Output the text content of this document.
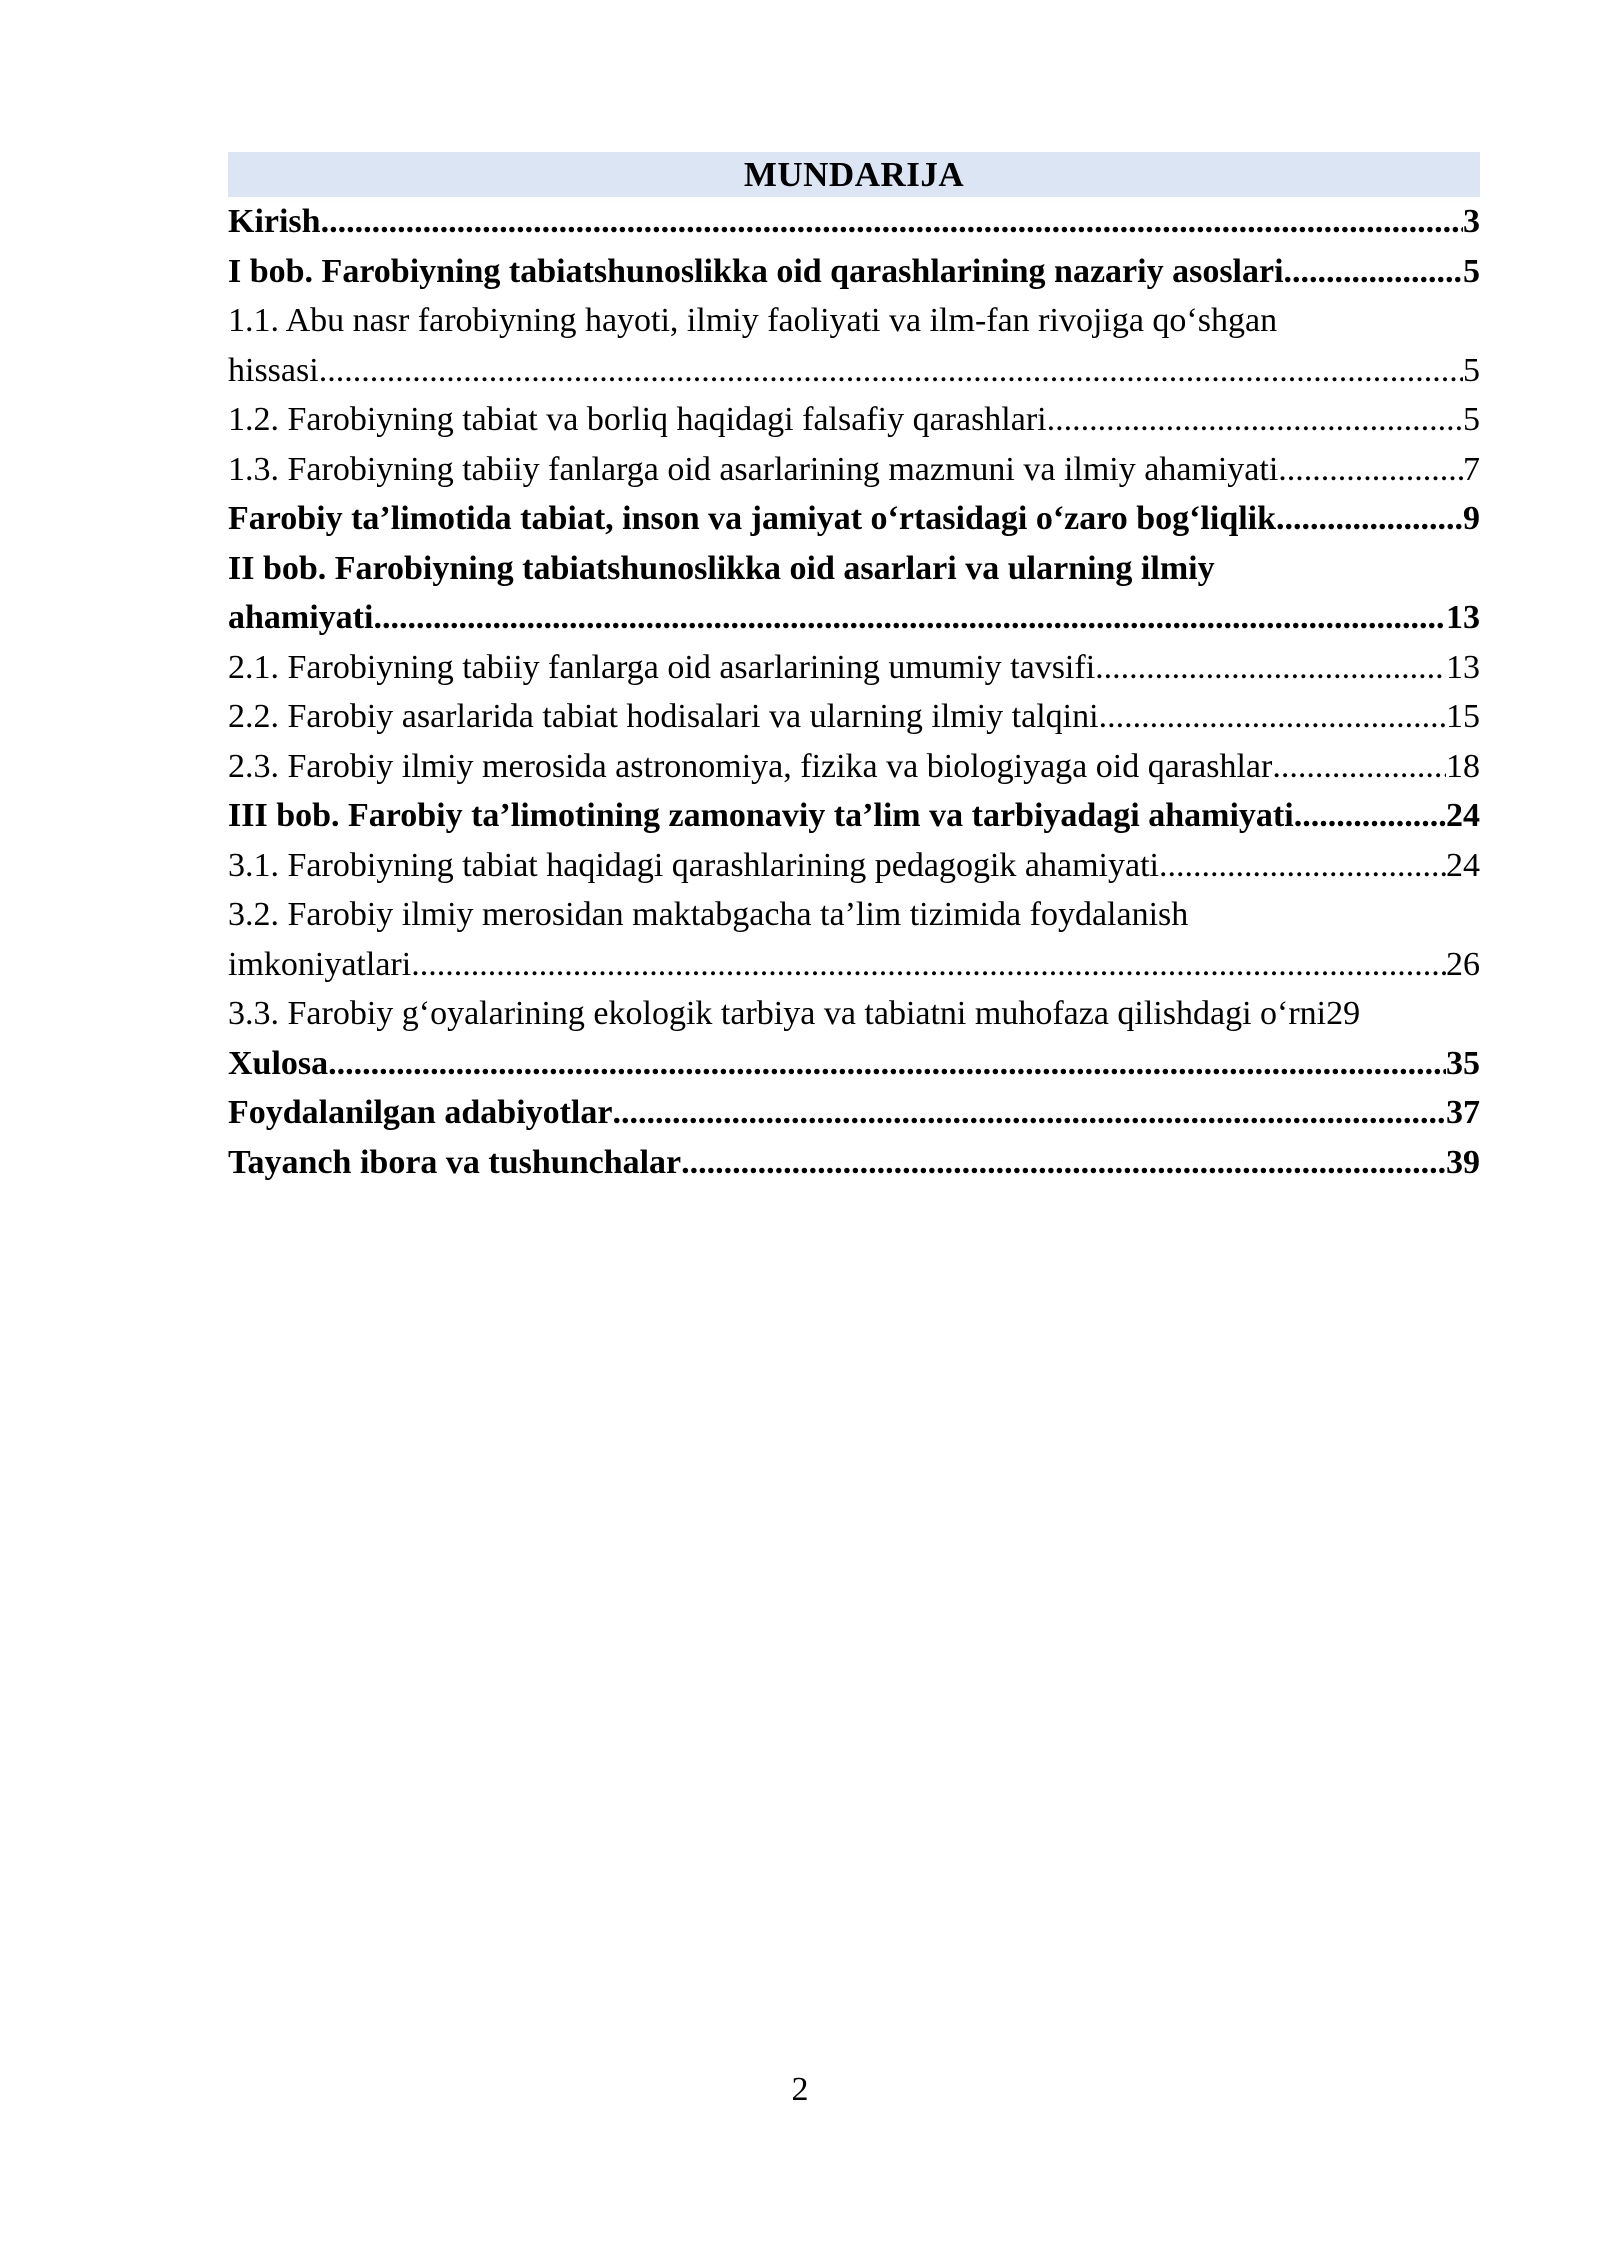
MUNDARIJA
Kirish .....	3
I bob. Farobiyning tabiatshunoslikka oid qarashlarining nazariy asoslari .....	5
1.1. Abu nasr farobiyning hayoti, ilmiy faoliyati va ilm-fan rivojiga qo‘shgan
hissasi .....	5
1.2. Farobiyning tabiat va borliq haqidagi falsafiy qarashlari .....	5
1.3. Farobiyning tabiiy fanlarga oid asarlarining mazmuni va ilmiy ahamiyati .....	7
Farobiy ta’limotida tabiat, inson va jamiyat o‘rtasidagi o‘zaro bog‘liqlik .....	9
II bob. Farobiyning tabiatshunoslikka oid asarlari va ularning ilmiy
ahamiyati .....	13
2.1. Farobiyning tabiiy fanlarga oid asarlarining umumiy tavsifi .....	13
2.2. Farobiy asarlarida tabiat hodisalari va ularning ilmiy talqini .....	15
2.3. Farobiy ilmiy merosida astronomiya, fizika va biologiyaga oid qarashlar .....	18
III bob. Farobiy ta’limotining zamonaviy ta’lim va tarbiyadagi ahamiyati .....	24
3.1. Farobiyning tabiat haqidagi qarashlarining pedagogik ahamiyati .....	24
3.2. Farobiy ilmiy merosidan maktabgacha ta’lim tizimida foydalanish
imkoniyatlari .....	26
3.3. Farobiy g‘oyalarining ekologik tarbiya va tabiatni muhofaza qilishdagi o‘rni 29
Xulosa .....	35
Foydalanilgan adabiyotlar .....	37
Tayanch ibora va tushunchalar .....	39
2
